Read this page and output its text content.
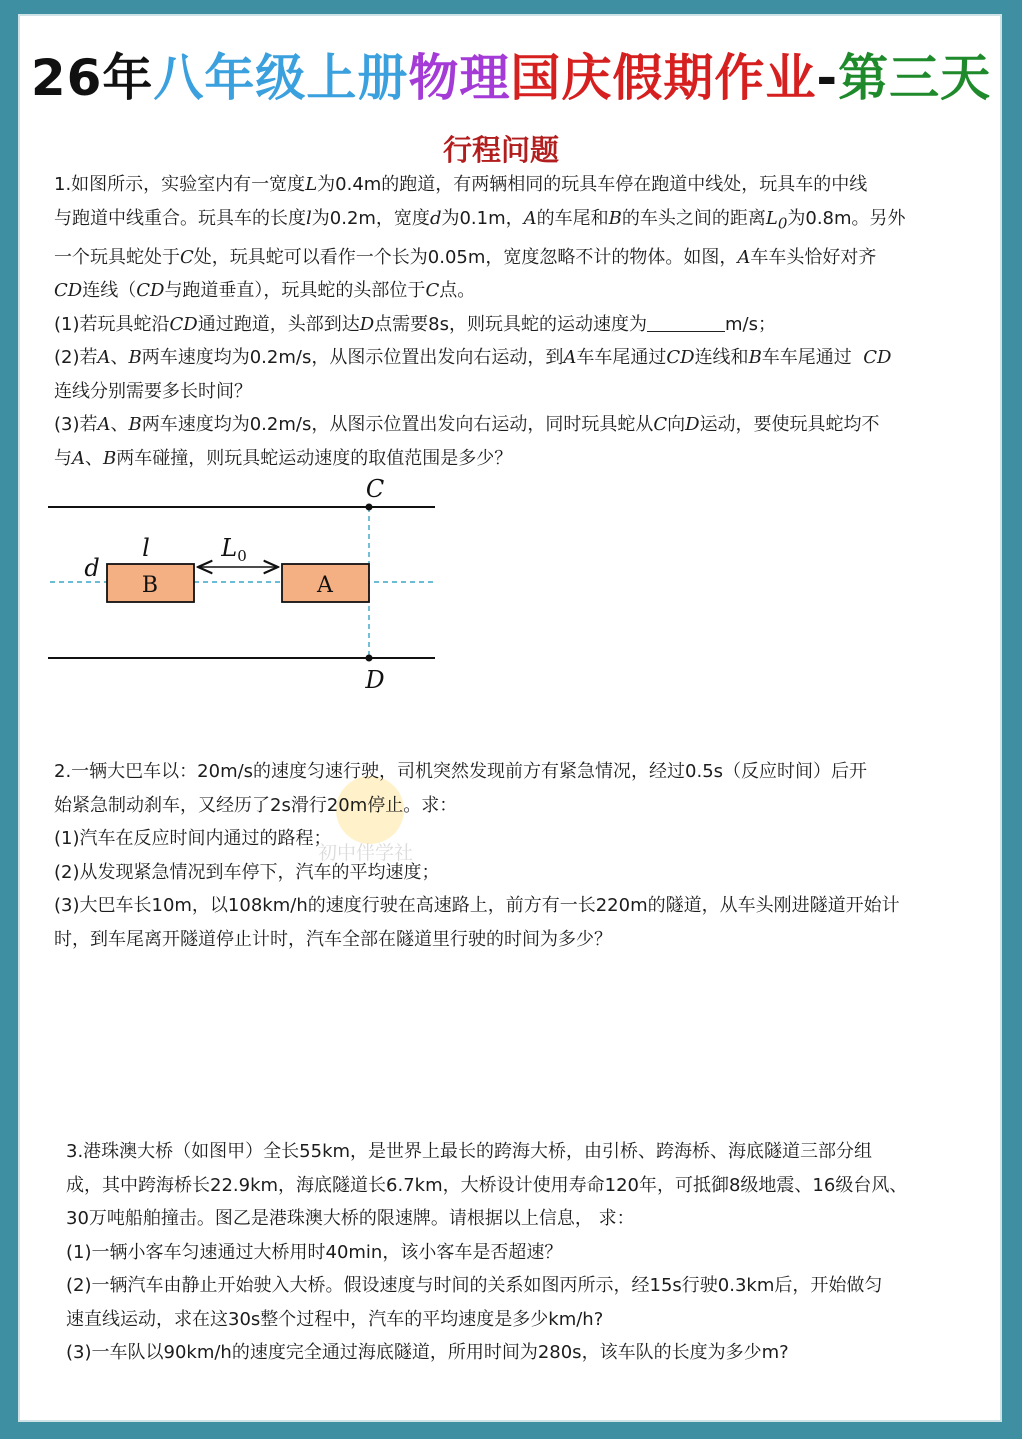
26年八年级上册物理国庆假期作业-第三天
行程问题

1.如图所示，实验室内有一宽度L为0.4m的跑道，有两辆相同的玩具车停在跑道中线处，玩具车的中线

与跑道中线重合。玩具车的长度l为0.2m，宽度d为0.1m，A的车尾和B的车头之间的距离$L_0$为0.8m。另外

一个玩具蛇处于C处，玩具蛇可以看作一个长为0.05m，宽度忽略不计的物体。如图，A车车头恰好对齐

CD连线（CD与跑道垂直），玩具蛇的头部位于C点。

(1)若玩具蛇沿CD通过跑道，头部到达D点需要8s，则玩具蛇的运动速度为	m/s；

(2)若A、B两车速度均为0.2m/s，从图示位置出发向右运动，到A车车尾通过CD连线和B车车尾通过 CD

连线分别需要多长时间？

(3)若A、B两车速度均为0.2m/s，从图示位置出发向右运动，同时玩具蛇从C向D运动，要使玩具蛇均不

与A、B两车碰撞，则玩具蛇运动速度的取值范围是多少？

B	A
C
D
l
d
$L_0$
初中伴学社

2.一辆大巴车以：20m/s的速度匀速行驶，司机突然发现前方有紧急情况，经过0.5s（反应时间）后开

始紧急制动刹车，又经历了2s滑行20m停止。求：

(1)汽车在反应时间内通过的路程；

(2)从发现紧急情况到车停下，汽车的平均速度；

(3)大巴车长10m，以108km/h的速度行驶在高速路上，前方有一长220m的隧道，从车头刚进隧道开始计

时，到车尾离开隧道停止计时，汽车全部在隧道里行驶的时间为多少？

3.港珠澳大桥（如图甲）全长55km，是世界上最长的跨海大桥，由引桥、跨海桥、海底隧道三部分组

成，其中跨海桥长22.9km，海底隧道长6.7km，大桥设计使用寿命120年，可抵御8级地震、16级台风、

30万吨船舶撞击。图乙是港珠澳大桥的限速牌。请根据以上信息， 求：

(1)一辆小客车匀速通过大桥用时40min，该小客车是否超速？

(2)一辆汽车由静止开始驶入大桥。假设速度与时间的关系如图丙所示，经15s行驶0.3km后，开始做匀

速直线运动，求在这30s整个过程中，汽车的平均速度是多少km/h?

(3)一车队以90km/h的速度完全通过海底隧道，所用时间为280s，该车队的长度为多少m?
